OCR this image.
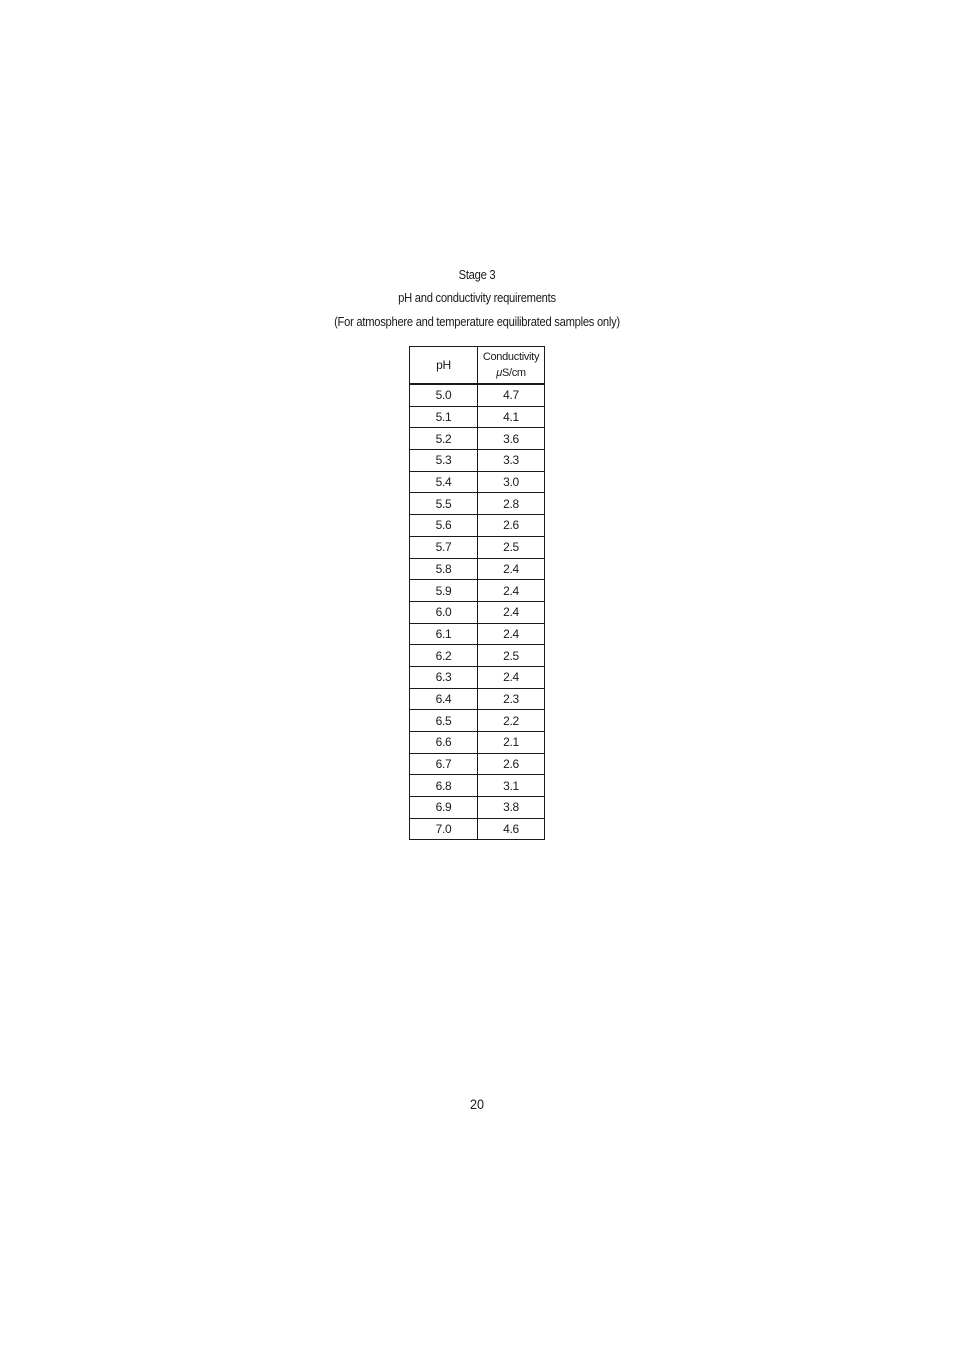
Stage 3
pH and conductivity requirements
(For atmosphere and temperature equilibrated samples only)
pH	Conductivity
μS/cm

5.0	4.7
5.1	4.1
5.2	3.6
5.3	3.3
5.4	3.0
5.5	2.8
5.6	2.6
5.7	2.5
5.8	2.4
5.9	2.4
6.0	2.4
6.1	2.4
6.2	2.5
6.3	2.4
6.4	2.3
6.5	2.2
6.6	2.1
6.7	2.6
6.8	3.1
6.9	3.8
7.0	4.6
20
